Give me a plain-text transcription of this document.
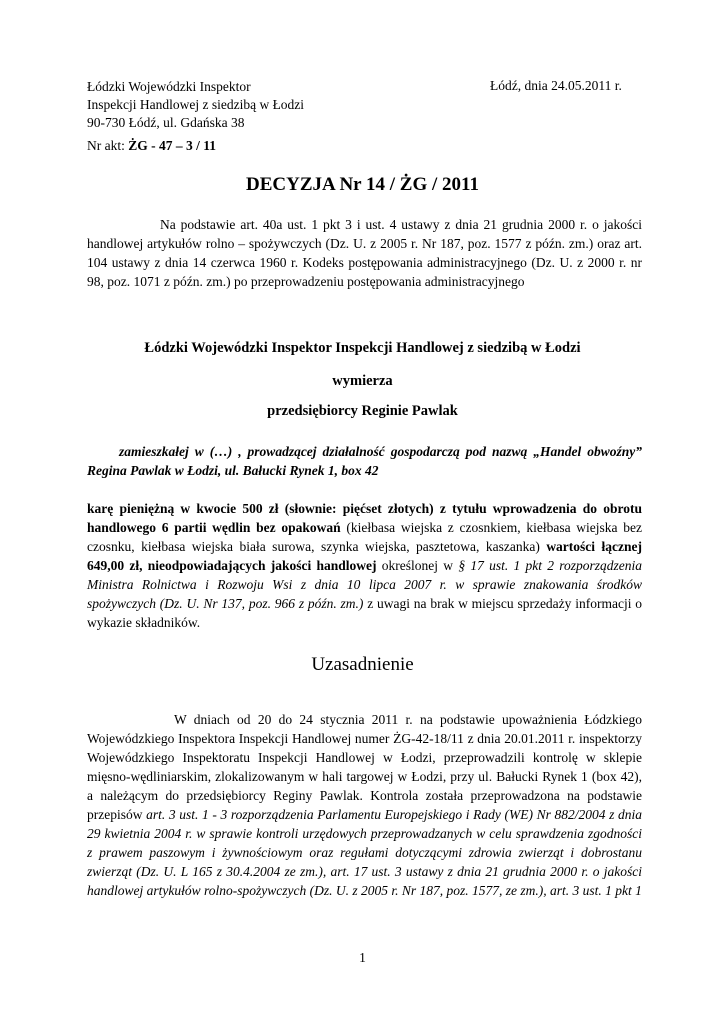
Łódzki Wojewódzki Inspektor
Inspekcji Handlowej z siedzibą w Łodzi
90-730 Łódź, ul. Gdańska 38
Łódź, dnia 24.05.2011 r.
Nr akt: ŻG - 47 – 3 / 11
DECYZJA Nr 14 / ŻG / 2011
Na podstawie art. 40a ust. 1 pkt 3 i ust. 4 ustawy z dnia 21 grudnia 2000 r. o jakości handlowej artykułów rolno – spożywczych (Dz. U. z 2005 r. Nr 187, poz. 1577 z późn. zm.) oraz art. 104 ustawy z dnia 14 czerwca 1960 r. Kodeks postępowania administracyjnego (Dz. U. z 2000 r. nr 98, poz. 1071 z późn. zm.) po przeprowadzeniu postępowania administracyjnego
Łódzki Wojewódzki Inspektor Inspekcji Handlowej z siedzibą w Łodzi
wymierza
przedsiębiorcy Reginie Pawlak
zamieszkałej w (…) , prowadzącej działalność gospodarczą pod nazwą „Handel obwoźny” Regina Pawlak w Łodzi, ul. Bałucki Rynek 1, box 42
karę pieniężną w kwocie 500 zł (słownie: pięćset złotych) z tytułu wprowadzenia do obrotu handlowego 6 partii wędlin bez opakowań (kiełbasa wiejska z czosnkiem, kiełbasa wiejska bez czosnku, kiełbasa wiejska biała surowa, szynka wiejska, pasztetowa, kaszanka) wartości łącznej 649,00 zł, nieodpowiadających jakości handlowej określonej w § 17 ust. 1 pkt 2 rozporządzenia Ministra Rolnictwa i Rozwoju Wsi z dnia 10 lipca 2007 r. w sprawie znakowania środków spożywczych (Dz. U. Nr 137, poz. 966 z późn. zm.) z uwagi na brak w miejscu sprzedaży informacji o wykazie składników.
Uzasadnienie
W dniach od 20 do 24 stycznia 2011 r. na podstawie upoważnienia Łódzkiego Wojewódzkiego Inspektora Inspekcji Handlowej numer ŻG-42-18/11 z dnia 20.01.2011 r. inspektorzy Wojewódzkiego Inspektoratu Inspekcji Handlowej w Łodzi, przeprowadzili kontrolę w sklepie mięsno-wędliniarskim, zlokalizowanym w hali targowej w Łodzi, przy ul. Bałucki Rynek 1 (box 42), a należącym do przedsiębiorcy Reginy Pawlak. Kontrola została przeprowadzona na podstawie przepisów art. 3 ust. 1 - 3 rozporządzenia Parlamentu Europejskiego i Rady (WE) Nr 882/2004 z dnia 29 kwietnia 2004 r. w sprawie kontroli urzędowych przeprowadzanych w celu sprawdzenia zgodności z prawem paszowym i żywnościowym oraz regułami dotyczącymi zdrowia zwierząt i dobrostanu zwierząt (Dz. U. L 165 z 30.4.2004 ze zm.), art. 17 ust. 3 ustawy z dnia 21 grudnia 2000 r. o jakości handlowej artykułów rolno-spożywczych (Dz. U. z 2005 r. Nr 187, poz. 1577, ze zm.), art. 3 ust. 1 pkt 1
1
